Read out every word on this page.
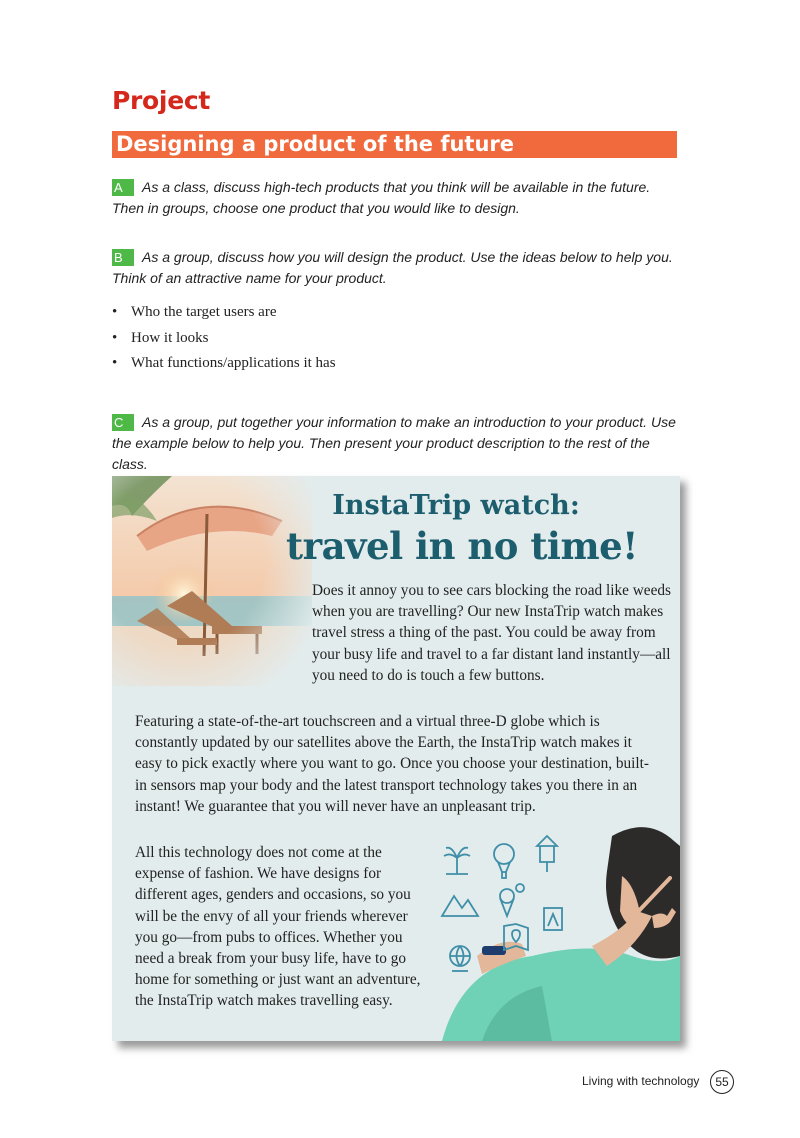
Project
Designing a product of the future
A As a class, discuss high-tech products that you think will be available in the future. Then in groups, choose one product that you would like to design.
B As a group, discuss how you will design the product. Use the ideas below to help you. Think of an attractive name for your product.
• Who the target users are
• How it looks
• What functions/applications it has
C As a group, put together your information to make an introduction to your product. Use the example below to help you. Then present your product description to the rest of the class.
InstaTrip watch:
travel in no time!

Does it annoy you to see cars blocking the road like weeds when you are travelling? Our new InstaTrip watch makes travel stress a thing of the past. You could be away from your busy life and travel to a far distant land instantly—all you need to do is touch a few buttons.

Featuring a state-of-the-art touchscreen and a virtual three-D globe which is constantly updated by our satellites above the Earth, the InstaTrip watch makes it easy to pick exactly where you want to go. Once you choose your destination, built-in sensors map your body and the latest transport technology takes you there in an instant! We guarantee that you will never have an unpleasant trip.

All this technology does not come at the expense of fashion. We have designs for different ages, genders and occasions, so you will be the envy of all your friends wherever you go—from pubs to offices. Whether you need a break from your busy life, have to go home for something or just want an adventure, the InstaTrip watch makes travelling easy.

Living with technology	55
